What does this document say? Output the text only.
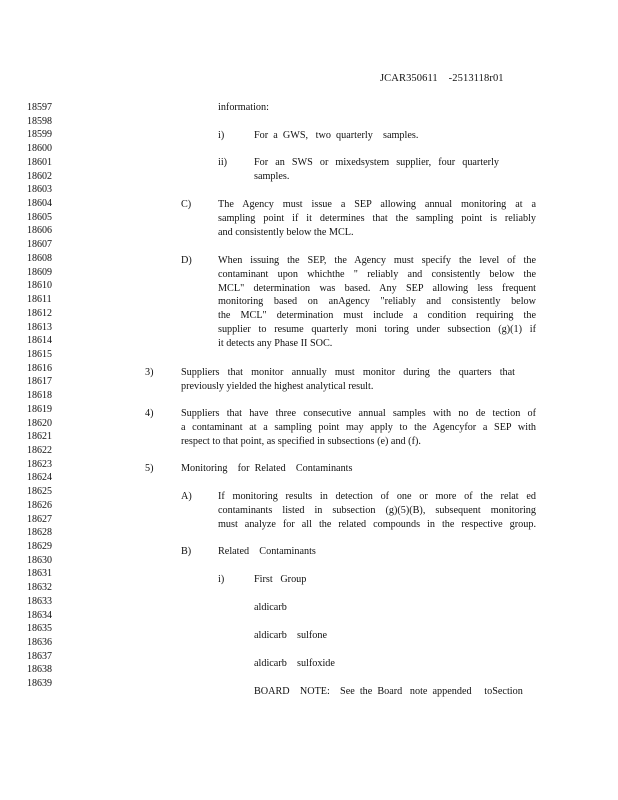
JCAR350611    -2513118r01
18597
18598
18599
18600
18601
18602
18603
18604
18605
18606
18607
18608
18609
18610
18611
18612
18613
18614
18615
18616
18617
18618
18619
18620
18621
18622
18623
18624
18625
18626
18627
18628
18629
18630
18631
18632
18633
18634
18635
18636
18637
18638
18639
information:
i)	For  a  GWS,   two  quarterly    samples.
ii)	For an SWS or mixedsystem supplier, four quarterly
samples.
C)	The Agency must issue a SEP allowing annual monitoring at a
sampling point if it determines that the sampling point is reliably
and consistently below the MCL.
D)	When issuing the SEP, the Agency must specify the level of the
contaminant upon whichthe " reliably and consistently below the
MCL" determination was based. Any SEP allowing less frequent
monitoring based on anAgency "reliably and consistently below
the MCL" determination must include a condition requiring the
supplier to resume quarterly moni toring under subsection (g)(1) if
it detects any Phase II SOC.
3)	Suppliers that monitor annually must monitor during the quarters that
previously yielded the highest analytical result.
4)	Suppliers that have three consecutive annual samples with no de tection of
a contaminant at a sampling point may apply to the Agencyfor a SEP with
respect to that point, as specified in subsections (e) and (f).
5)	Monitoring    for  Related    Contaminants
A)	If monitoring results in detection of one or more of the relat ed
contaminants listed in subsection (g)(5)(B), subsequent monitoring
must analyze for all the related compounds in the respective group.
B)	Related    Contaminants
i)	First   Group
aldicarb
aldicarb    sulfone
aldicarb    sulfoxide
BOARD    NOTE:    See  the  Board   note  appended     toSection
